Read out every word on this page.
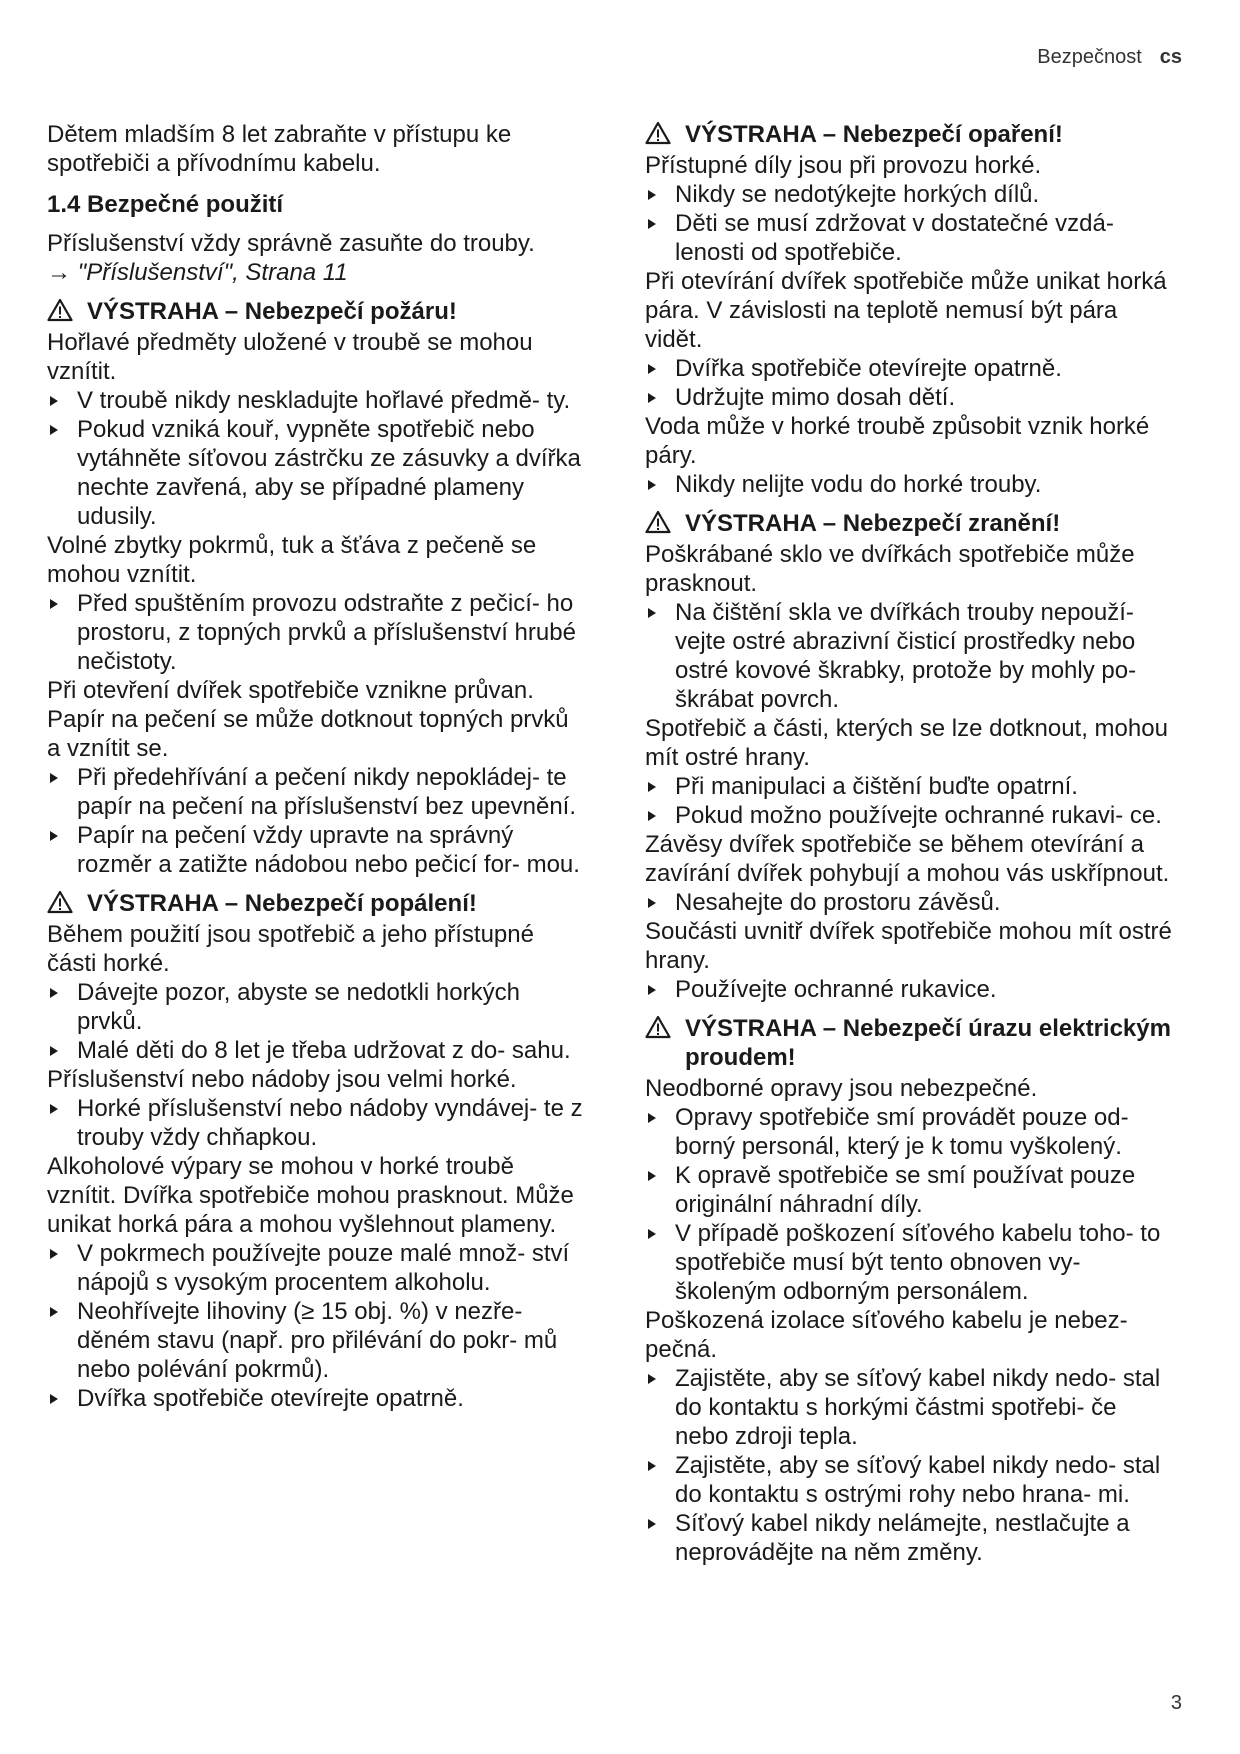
Bezpečnost cs

Dětem mladším 8 let zabraňte v přístupu ke spotřebiči a přívodnímu kabelu.

1.4 Bezpečné použití

Příslušenství vždy správně zasuňte do trouby.

→ "Příslušenství", Strana 11
VÝSTRAHA – Nebezpečí požáru!

Hořlavé předměty uložené v troubě se mohou vznítit.

V troubě nikdy neskladujte hořlavé předmě- ty.
Pokud vzniká kouř, vypněte spotřebič nebo vytáhněte síťovou zástrčku ze zásuvky a dvířka nechte zavřená, aby se případné plameny udusily.

Volné zbytky pokrmů, tuk a šťáva z pečeně se mohou vznítit.

Před spuštěním provozu odstraňte z pečicí- ho prostoru, z topných prvků a příslušenství hrubé nečistoty.

Při otevření dvířek spotřebiče vznikne průvan. Papír na pečení se může dotknout topných prvků a vznítit se.

Při předehřívání a pečení nikdy nepokládej- te papír na pečení na příslušenství bez upevnění.
Papír na pečení vždy upravte na správný rozměr a zatižte nádobou nebo pečicí for- mou.
VÝSTRAHA – Nebezpečí popálení!

Během použití jsou spotřebič a jeho přístupné části horké.

Dávejte pozor, abyste se nedotkli horkých prvků.
Malé děti do 8 let je třeba udržovat z do- sahu.

Příslušenství nebo nádoby jsou velmi horké.

Horké příslušenství nebo nádoby vyndávej- te z trouby vždy chňapkou.

Alkoholové výpary se mohou v horké troubě vznítit. Dvířka spotřebiče mohou prasknout. Může unikat horká pára a mohou vyšlehnout plameny.

V pokrmech používejte pouze malé množ- ství nápojů s vysokým procentem alkoholu.
Neohřívejte lihoviny (≥ 15 obj. %) v nezře- děném stavu (např. pro přilévání do pokr- mů nebo polévání pokrmů).
Dvířka spotřebiče otevírejte opatrně.
VÝSTRAHA – Nebezpečí opaření!

Přístupné díly jsou při provozu horké.

Nikdy se nedotýkejte horkých dílů.
Děti se musí zdržovat v dostatečné vzdá- lenosti od spotřebiče.

Při otevírání dvířek spotřebiče může unikat horká pára. V závislosti na teplotě nemusí být pára vidět.

Dvířka spotřebiče otevírejte opatrně.
Udržujte mimo dosah dětí.

Voda může v horké troubě způsobit vznik horké páry.

Nikdy nelijte vodu do horké trouby.
VÝSTRAHA – Nebezpečí zranění!

Poškrábané sklo ve dvířkách spotřebiče může prasknout.

Na čištění skla ve dvířkách trouby nepouží- vejte ostré abrazivní čisticí prostředky nebo ostré kovové škrabky, protože by mohly po- škrábat povrch.

Spotřebič a části, kterých se lze dotknout, mohou mít ostré hrany.

Při manipulaci a čištění buďte opatrní.
Pokud možno používejte ochranné rukavi- ce.

Závěsy dvířek spotřebiče se během otevírání a zavírání dvířek pohybují a mohou vás uskřípnout.

Nesahejte do prostoru závěsů.

Součásti uvnitř dvířek spotřebiče mohou mít ostré hrany.

Používejte ochranné rukavice.
VÝSTRAHA – Nebezpečí úrazu elektrickým proudem!

Neodborné opravy jsou nebezpečné.

Opravy spotřebiče smí provádět pouze od- borný personál, který je k tomu vyškolený.
K opravě spotřebiče se smí používat pouze originální náhradní díly.
V případě poškození síťového kabelu toho- to spotřebiče musí být tento obnoven vy- školeným odborným personálem.

Poškozená izolace síťového kabelu je nebez- pečná.

Zajistěte, aby se síťový kabel nikdy nedo- stal do kontaktu s horkými částmi spotřebi- če nebo zdroji tepla.
Zajistěte, aby se síťový kabel nikdy nedo- stal do kontaktu s ostrými rohy nebo hrana- mi.
Síťový kabel nikdy nelámejte, nestlačujte a neprovádějte na něm změny.
3
